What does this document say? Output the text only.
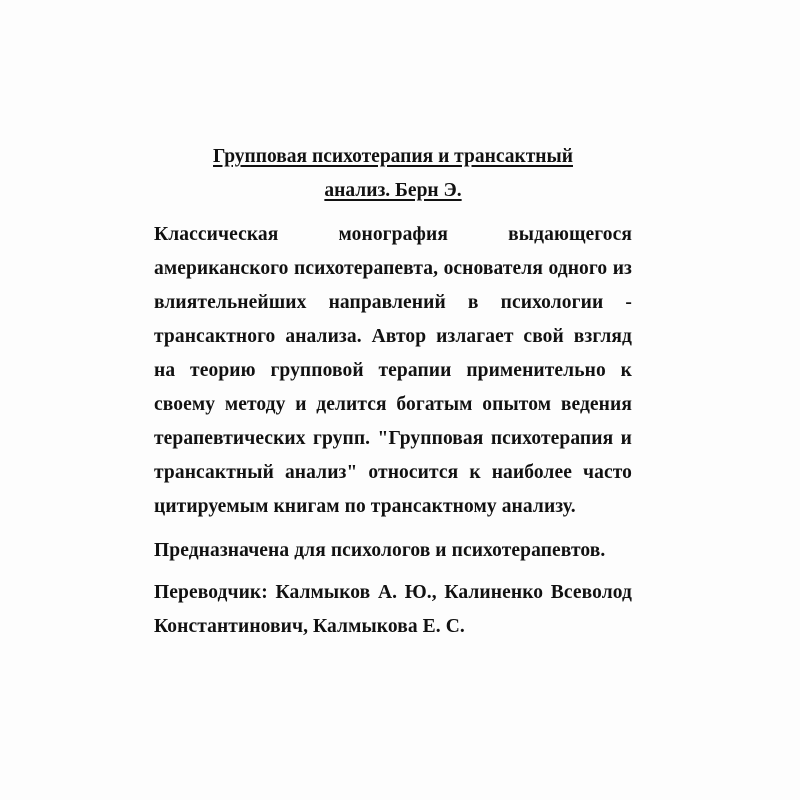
Групповая психотерапия и трансактный
анализ. Берн Э.

Классическая монография выдающегося американского психотерапевта, основателя одного из влиятельнейших направлений в психологии - трансактного анализа. Автор излагает свой взгляд на теорию групповой терапии применительно к своему методу и делится богатым опытом ведения терапевтических групп. "Групповая психотерапия и трансактный анализ" относится к наиболее часто цитируемым книгам по трансактному анализу.

Предназначена для психологов и психотерапевтов.

Переводчик: Калмыков А. Ю., Калиненко Всеволод Константинович, Калмыкова Е. С.
